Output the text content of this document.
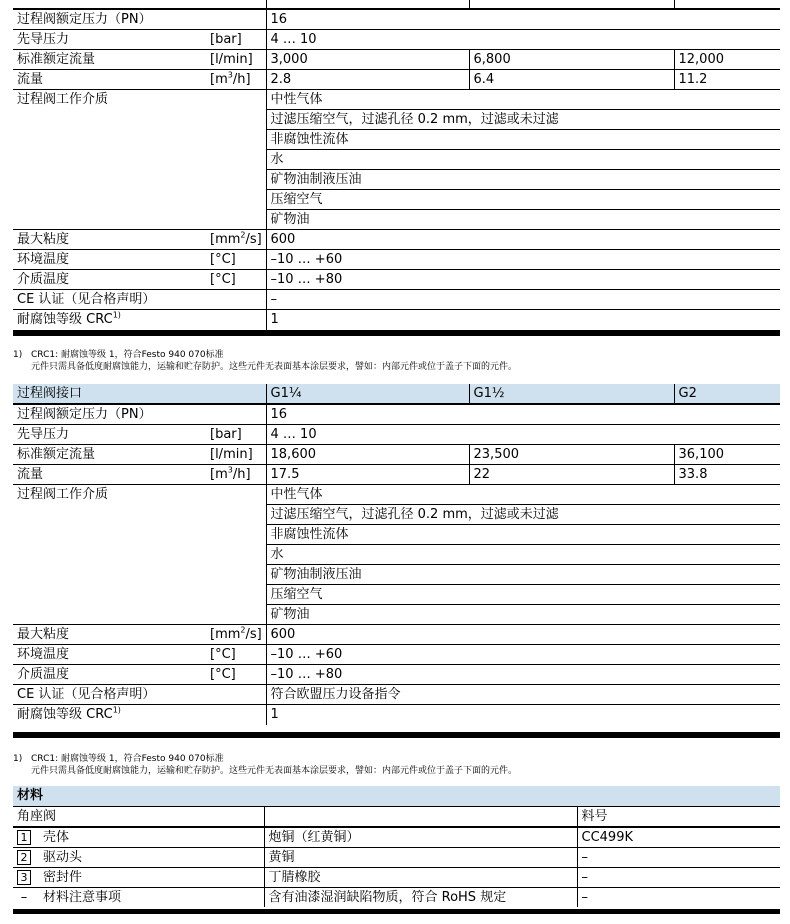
过程阀额定压力（PN）		16		
先导压力	[bar]	4 … 10		
标准额定流量	[l/min]	3,000	6,800	12,000
流量	$[m^3/h]$	2.8	6.4	11.2
过程阀工作介质		中性气体		
		过滤压缩空气，过滤孔径 0.2 mm，过滤或未过滤		
		非腐蚀性流体		
		水		
		矿物油制液压油		
		压缩空气		
		矿物油		
最大粘度	$[mm^2/s]$	600		
环境温度	[°C]	–10 … +60		
介质温度	[°C]	–10 … +80		
CE 认证（见合格声明）		–		
耐腐蚀等级 CRC$^{1)}$		1		
1) CRC1: 耐腐蚀等级 1，符合Festo 940 070标准
元件只需具备低度耐腐蚀能力，运输和贮存防护。这些元件无表面基本涂层要求，譬如：内部元件或位于盖子下面的元件。
过程阀接口		G1¼	G1½	G2
过程阀额定压力（PN）		16		
先导压力	[bar]	4 … 10		
标准额定流量	[l/min]	18,600	23,500	36,100
流量	$[m^3/h]$	17.5	22	33.8
过程阀工作介质		中性气体		
		过滤压缩空气，过滤孔径 0.2 mm，过滤或未过滤		
		非腐蚀性流体		
		水		
		矿物油制液压油		
		压缩空气		
		矿物油		
最大粘度	$[mm^2/s]$	600		
环境温度	[°C]	–10 … +60		
介质温度	[°C]	–10 … +80		
CE 认证（见合格声明）		符合欧盟压力设备指令		
耐腐蚀等级 CRC$^{1)}$		1		
1) CRC1: 耐腐蚀等级 1，符合Festo 940 070标准
元件只需具备低度耐腐蚀能力，运输和贮存防护。这些元件无表面基本涂层要求，譬如：内部元件或位于盖子下面的元件。
材料		
角座阀		料号
1 壳体	炮铜（红黄铜）	CC499K
2 驱动头	黄铜	–
3 密封件	丁腈橡胶	–
– 材料注意事项	含有油漆湿润缺陷物质，符合 RoHS 规定	–
